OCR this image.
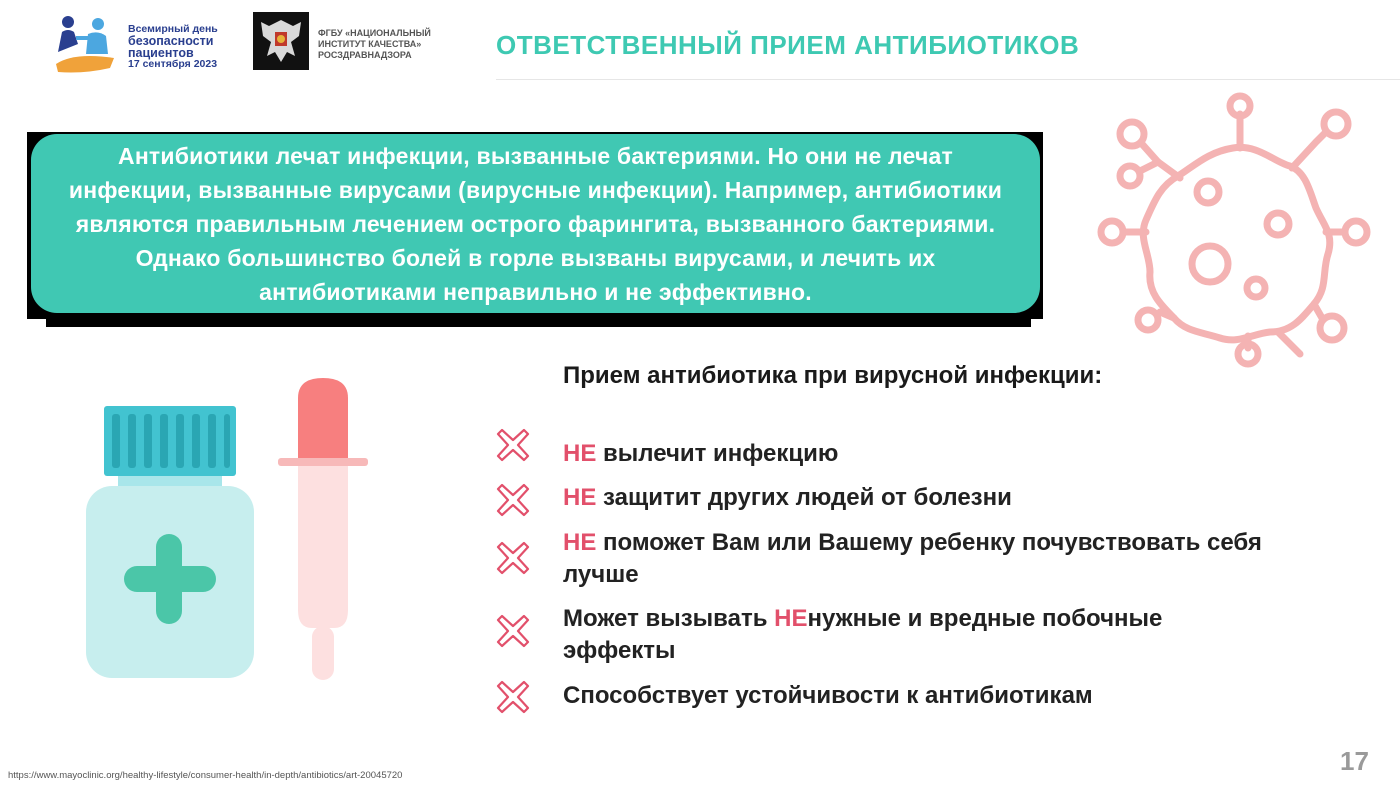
Всемирный день
безопасности
пациентов
17 сентября 2023
ФГБУ «НАЦИОНАЛЬНЫЙ
ИНСТИТУТ КАЧЕСТВА»
РОСЗДРАВНАДЗОРА	ОТВЕТСТВЕННЫЙ ПРИЕМ АНТИБИОТИКОВ
Антибиотики лечат инфекции, вызванные бактериями. Но они не лечат инфекции, вызванные вирусами (вирусные инфекции). Например, антибиотики являются правильным лечением острого фарингита, вызванного бактериями. Однако большинство болей в горле вызваны вирусами, и лечить их антибиотиками неправильно и не эффективно.
Прием антибиотика при вирусной инфекции:
НЕ вылечит инфекцию
НЕ защитит других людей от болезни
НЕ поможет Вам или Вашему ребенку почувствовать себя лучше
Может вызывать НЕнужные и вредные побочные эффекты
Способствует устойчивости к антибиотикам
https://www.mayoclinic.org/healthy-lifestyle/consumer-health/in-depth/antibiotics/art-20045720	17
